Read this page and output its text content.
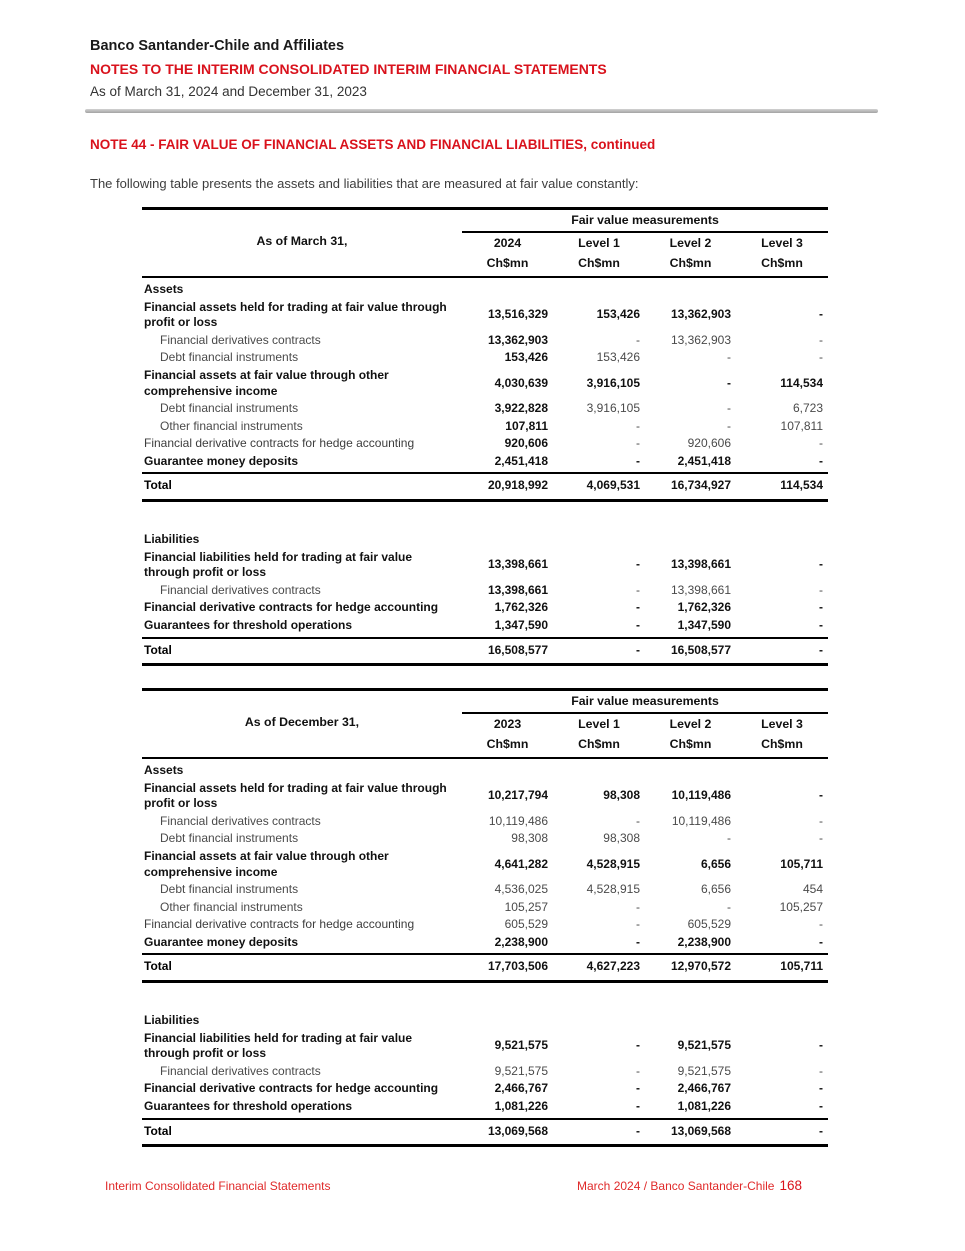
Banco Santander-Chile and Affiliates
NOTES TO THE INTERIM CONSOLIDATED INTERIM FINANCIAL STATEMENTS
As of March 31, 2024 and December 31, 2023
NOTE 44 - FAIR VALUE OF FINANCIAL ASSETS AND FINANCIAL LIABILITIES, continued
The following table presents the assets and liabilities that are measured at fair value constantly:
	Fair value measurements			
As of March 31,	2024	Level 1	Level 2	Level 3
	Ch$mn	Ch$mn	Ch$mn	Ch$mn
Assets				
Financial assets held for trading at fair value through profit or loss	13,516,329	153,426	13,362,903	-
Financial derivatives contracts	13,362,903	-	13,362,903	-
Debt financial instruments	153,426	153,426	-	-
Financial assets at fair value through other comprehensive income	4,030,639	3,916,105	-	114,534
Debt financial instruments	3,922,828	3,916,105	-	6,723
Other financial instruments	107,811	-	-	107,811
Financial derivative contracts for hedge accounting	920,606	-	920,606	-
Guarantee money deposits	2,451,418	-	2,451,418	-
Total	20,918,992	4,069,531	16,734,927	114,534
Liabilities				
Financial liabilities held for trading at fair value through profit or loss	13,398,661	-	13,398,661	-
Financial derivatives contracts	13,398,661	-	13,398,661	-
Financial derivative contracts for hedge accounting	1,762,326	-	1,762,326	-
Guarantees for threshold operations	1,347,590	-	1,347,590	-
Total	16,508,577	-	16,508,577	-
	Fair value measurements			
As of December 31,	2023	Level 1	Level 2	Level 3
	Ch$mn	Ch$mn	Ch$mn	Ch$mn
Assets				
Financial assets held for trading at fair value through profit or loss	10,217,794	98,308	10,119,486	-
Financial derivatives contracts	10,119,486	-	10,119,486	-
Debt financial instruments	98,308	98,308	-	-
Financial assets at fair value through other comprehensive income	4,641,282	4,528,915	6,656	105,711
Debt financial instruments	4,536,025	4,528,915	6,656	454
Other financial instruments	105,257	-	-	105,257
Financial derivative contracts for hedge accounting	605,529	-	605,529	-
Guarantee money deposits	2,238,900	-	2,238,900	-
Total	17,703,506	4,627,223	12,970,572	105,711
Liabilities				
Financial liabilities held for trading at fair value through profit or loss	9,521,575	-	9,521,575	-
Financial derivatives contracts	9,521,575	-	9,521,575	-
Financial derivative contracts for hedge accounting	2,466,767	-	2,466,767	-
Guarantees for threshold operations	1,081,226	-	1,081,226	-
Total	13,069,568	-	13,069,568	-
Interim Consolidated Financial Statements	March 2024 / Banco Santander-Chile 168
